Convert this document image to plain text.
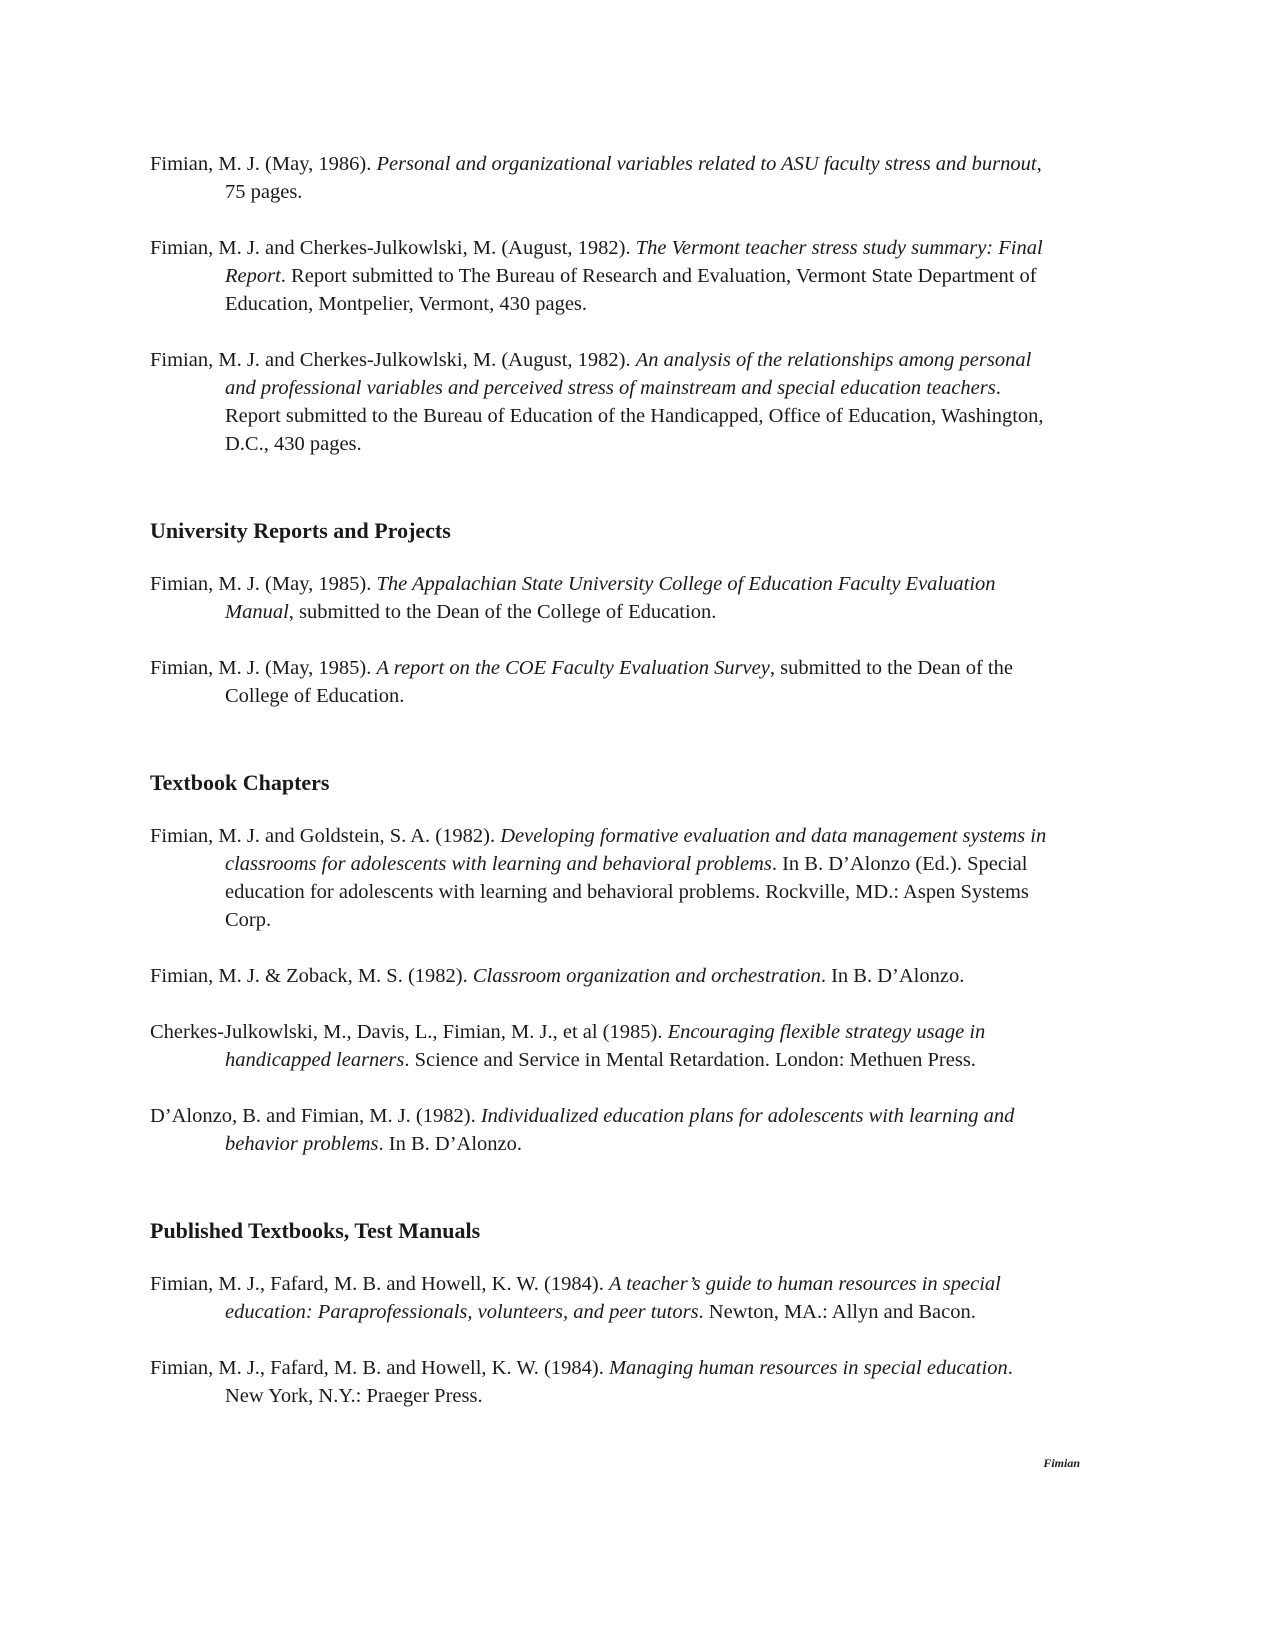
Fimian, M. J. (May, 1986). Personal and organizational variables related to ASU faculty stress and burnout, 75 pages.

Fimian, M. J. and Cherkes-Julkowlski, M. (August, 1982). The Vermont teacher stress study summary: Final Report. Report submitted to The Bureau of Research and Evaluation, Vermont State Department of Education, Montpelier, Vermont, 430 pages.

Fimian, M. J. and Cherkes-Julkowlski, M. (August, 1982). An analysis of the relationships among personal and professional variables and perceived stress of mainstream and special education teachers. Report submitted to the Bureau of Education of the Handicapped, Office of Education, Washington, D.C., 430 pages.

University Reports and Projects

Fimian, M. J. (May, 1985). The Appalachian State University College of Education Faculty Evaluation Manual, submitted to the Dean of the College of Education.

Fimian, M. J. (May, 1985). A report on the COE Faculty Evaluation Survey, submitted to the Dean of the College of Education.

Textbook Chapters

Fimian, M. J. and Goldstein, S. A. (1982). Developing formative evaluation and data management systems in classrooms for adolescents with learning and behavioral problems. In B. D’Alonzo (Ed.). Special education for adolescents with learning and behavioral problems. Rockville, MD.: Aspen Systems Corp.

Fimian, M. J. & Zoback, M. S. (1982). Classroom organization and orchestration. In B. D’Alonzo.

Cherkes-Julkowlski, M., Davis, L., Fimian, M. J., et al (1985). Encouraging flexible strategy usage in handicapped learners. Science and Service in Mental Retardation. London: Methuen Press.

D’Alonzo, B. and Fimian, M. J. (1982). Individualized education plans for adolescents with learning and behavior problems. In B. D’Alonzo.

Published Textbooks, Test Manuals

Fimian, M. J., Fafard, M. B. and Howell, K. W. (1984). A teacher’s guide to human resources in special education: Paraprofessionals, volunteers, and peer tutors. Newton, MA.: Allyn and Bacon.

Fimian, M. J., Fafard, M. B. and Howell, K. W. (1984). Managing human resources in special education. New York, N.Y.: Praeger Press.

Fimian
